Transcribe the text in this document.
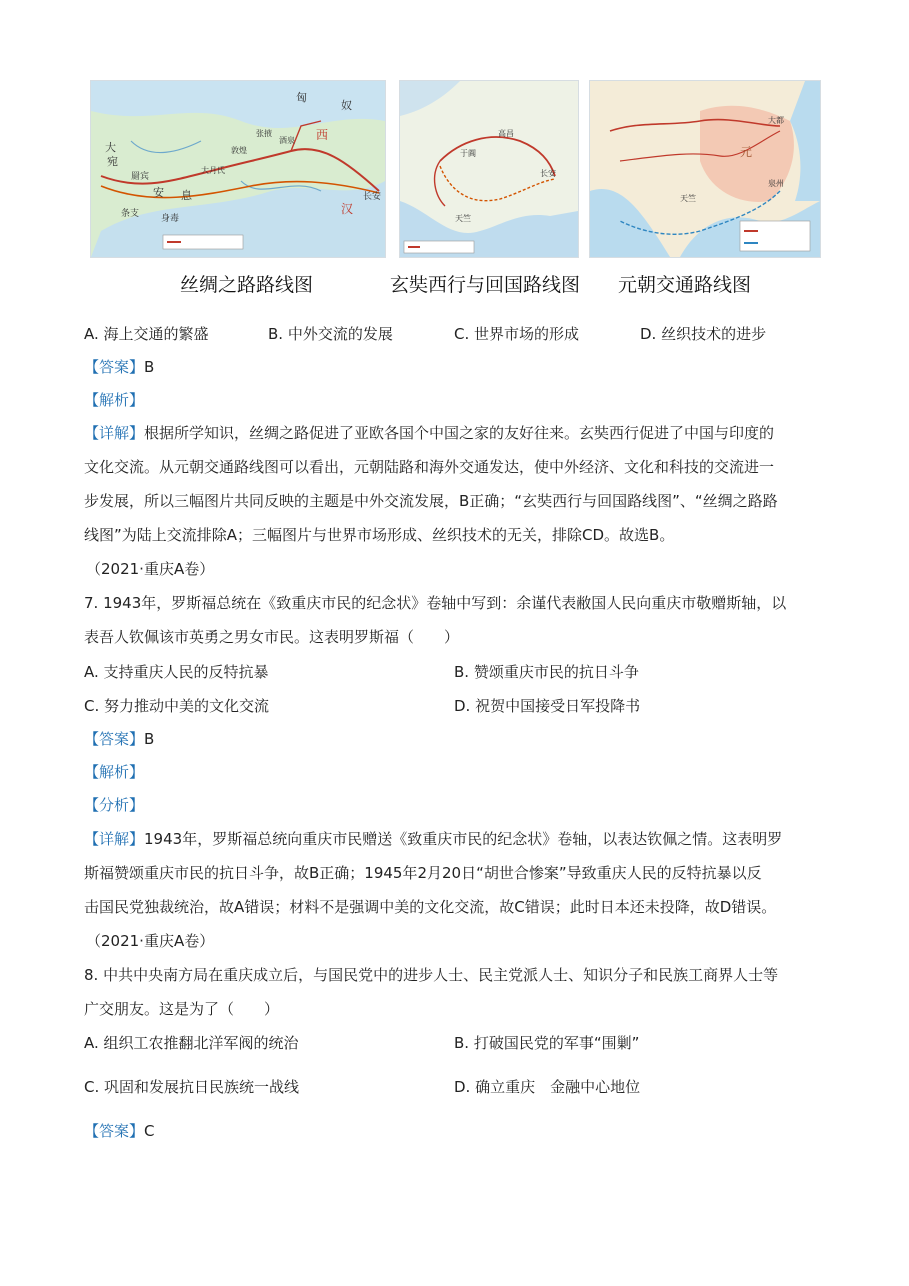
大
宛
匈
奴
酒泉
张掖
敦煌
长安
西
汉
安 息
大月氏
罽宾
身毒
条支
长安
天竺
高昌
于阗
大都
元
天竺
泉州
丝绸之路路线图	玄奘西行与回国路线图 元朝交通路线图
A. 海上交通的繁盛	B. 中外交流的发展	C. 世界市场的形成	D. 丝织技术的进步
【答案】B
【解析】
【详解】根据所学知识，丝绸之路促进了亚欧各国个中国之家的友好往来。玄奘西行促进了中国与印度的
文化交流。从元朝交通路线图可以看出，元朝陆路和海外交通发达，使中外经济、文化和科技的交流进一
步发展，所以三幅图片共同反映的主题是中外交流发展，B正确；“玄奘西行与回国路线图”、“丝绸之路路
线图”为陆上交流排除A；三幅图片与世界市场形成、丝织技术的无关，排除CD。故选B。
（2021·重庆A卷）
7. 1943年，罗斯福总统在《致重庆市民的纪念状》卷轴中写到：余谨代表敝国人民向重庆市敬赠斯轴，以
表吾人钦佩该市英勇之男女市民。这表明罗斯福（　　）
A. 支持重庆人民的反特抗暴	B. 赞颂重庆市民的抗日斗争
C. 努力推动中美的文化交流	D. 祝贺中国接受日军投降书
【答案】B
【解析】
【分析】
【详解】1943年，罗斯福总统向重庆市民赠送《致重庆市民的纪念状》卷轴，以表达钦佩之情。这表明罗
斯福赞颂重庆市民的抗日斗争，故B正确；1945年2月20日“胡世合惨案”导致重庆人民的反特抗暴以反
击国民党独裁统治，故A错误；材料不是强调中美的文化交流，故C错误；此时日本还未投降，故D错误。
（2021·重庆A卷）
8. 中共中央南方局在重庆成立后，与国民党中的进步人士、民主党派人士、知识分子和民族工商界人士等
广交朋友。这是为了（　　）
A. 组织工农推翻北洋军阀的统治	B. 打破国民党的军事“围剿”
C. 巩固和发展抗日民族统一战线	D. 确立重庆　金融中心地位
【答案】C
